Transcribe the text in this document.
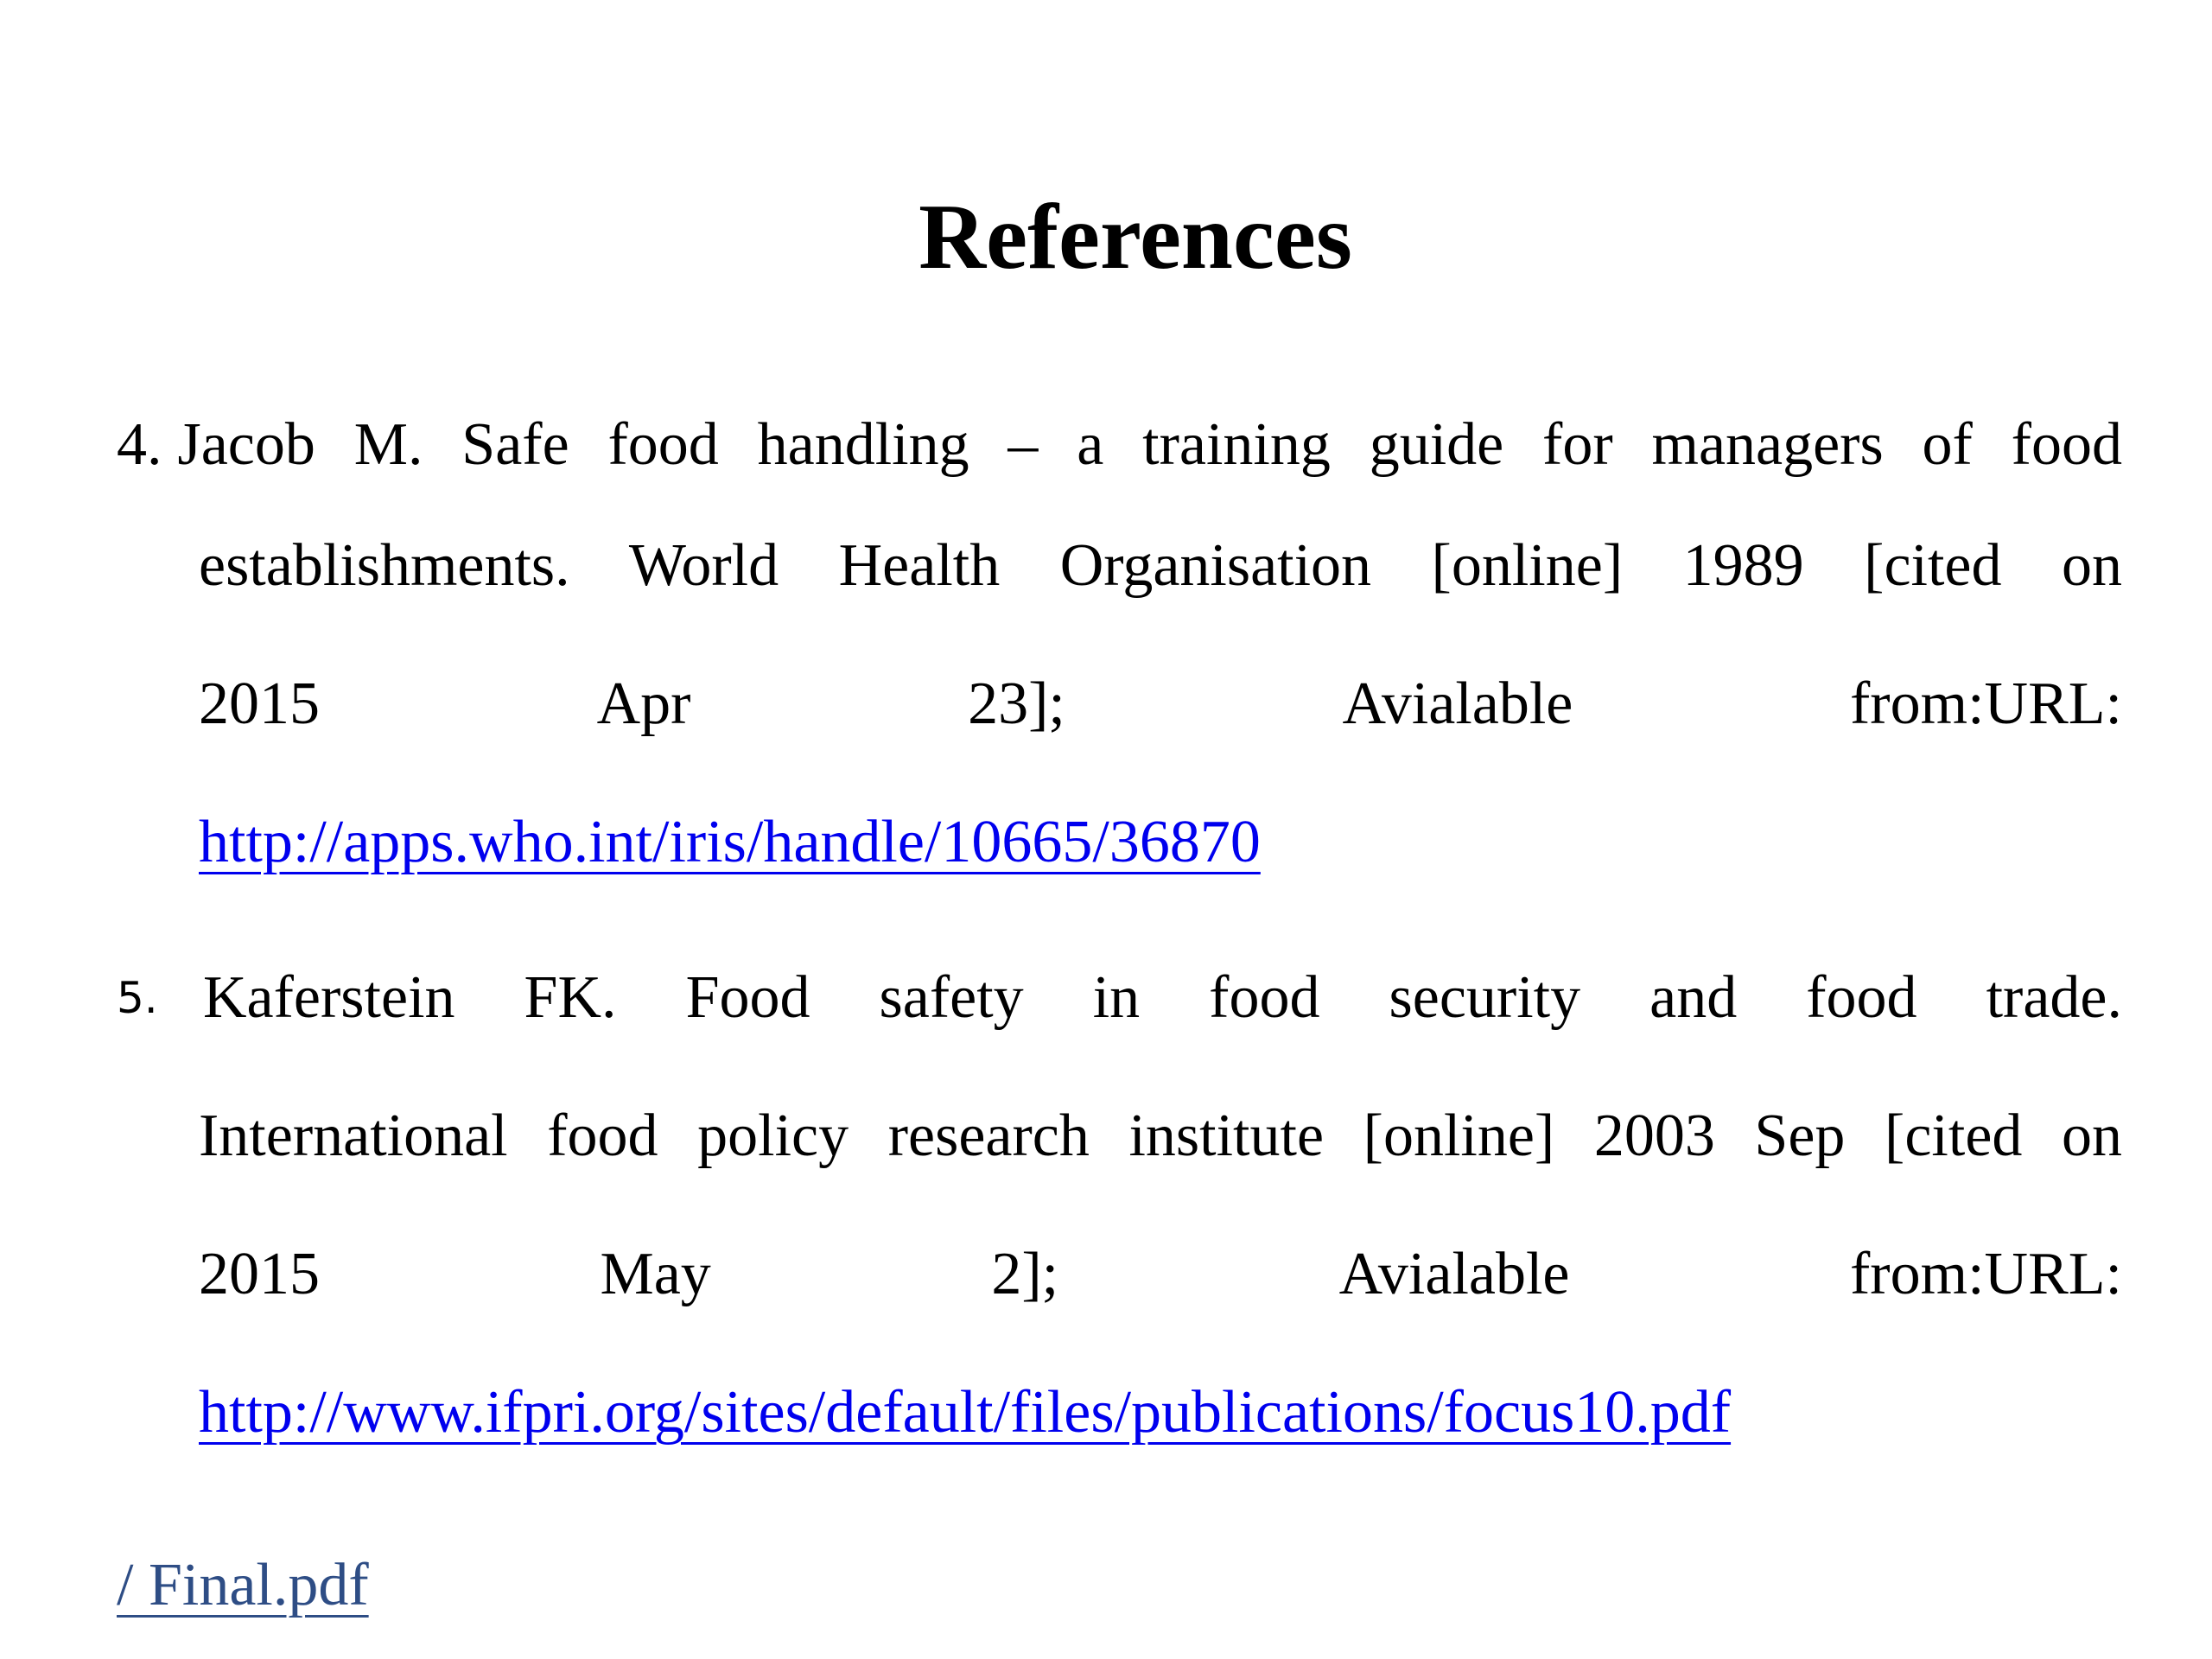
References
4. Jacob M. Safe food handling – a training guide for managers of food
establishments. World Health Organisation [online] 1989 [cited on
2015	Apr	23];	Avialable	from:URL:
http://apps.who.int/iris/handle/10665/36870
5. Kaferstein FK. Food safety in food security and food trade.
International food policy research institute [online] 2003 Sep [cited on
2015	May	2];	Avialable	from:URL:
http://www.ifpri.org/sites/default/files/publications/focus10.pdf
/ Final.pdf
